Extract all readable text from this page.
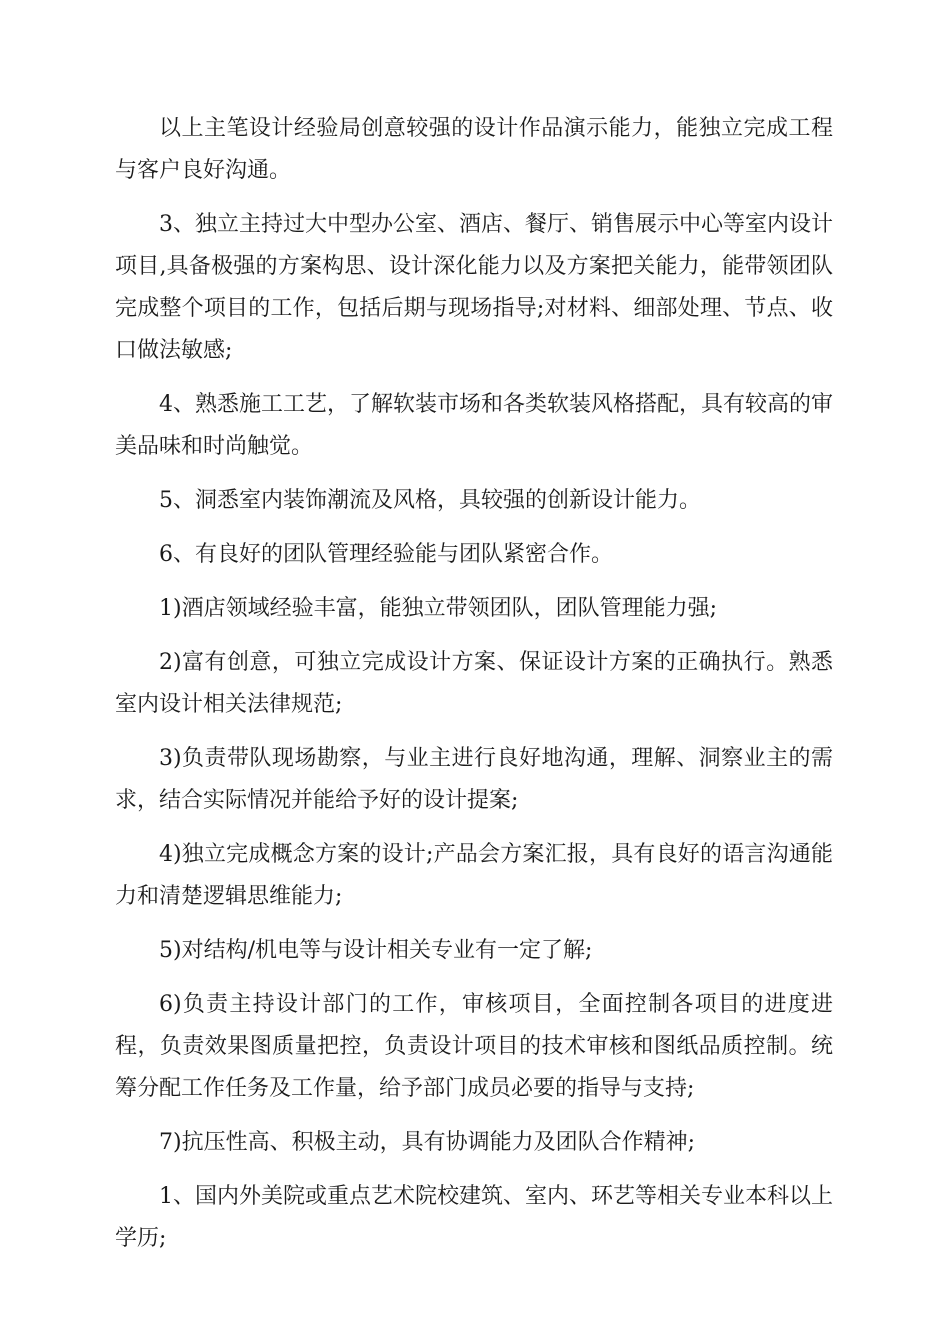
以上主笔设计经验局创意较强的设计作品演示能力，能独立完成工程与客户良好沟通。

3、独立主持过大中型办公室、酒店、餐厅、销售展示中心等室内设计项目,具备极强的方案构思、设计深化能力以及方案把关能力，能带领团队完成整个项目的工作，包括后期与现场指导;对材料、细部处理、节点、收口做法敏感;

4、熟悉施工工艺，了解软装市场和各类软装风格搭配，具有较高的审美品味和时尚触觉。

5、洞悉室内装饰潮流及风格，具较强的创新设计能力。

6、有良好的团队管理经验能与团队紧密合作。

1)酒店领域经验丰富，能独立带领团队，团队管理能力强;

2)富有创意，可独立完成设计方案、保证设计方案的正确执行。熟悉室内设计相关法律规范;

3)负责带队现场勘察，与业主进行良好地沟通，理解、洞察业主的需求，结合实际情况并能给予好的设计提案;

4)独立完成概念方案的设计;产品会方案汇报，具有良好的语言沟通能力和清楚逻辑思维能力;

5)对结构/机电等与设计相关专业有一定了解;

6)负责主持设计部门的工作，审核项目，全面控制各项目的进度进程，负责效果图质量把控，负责设计项目的技术审核和图纸品质控制。统筹分配工作任务及工作量，给予部门成员必要的指导与支持;

7)抗压性高、积极主动，具有协调能力及团队合作精神;

1、国内外美院或重点艺术院校建筑、室内、环艺等相关专业本科以上学历;
